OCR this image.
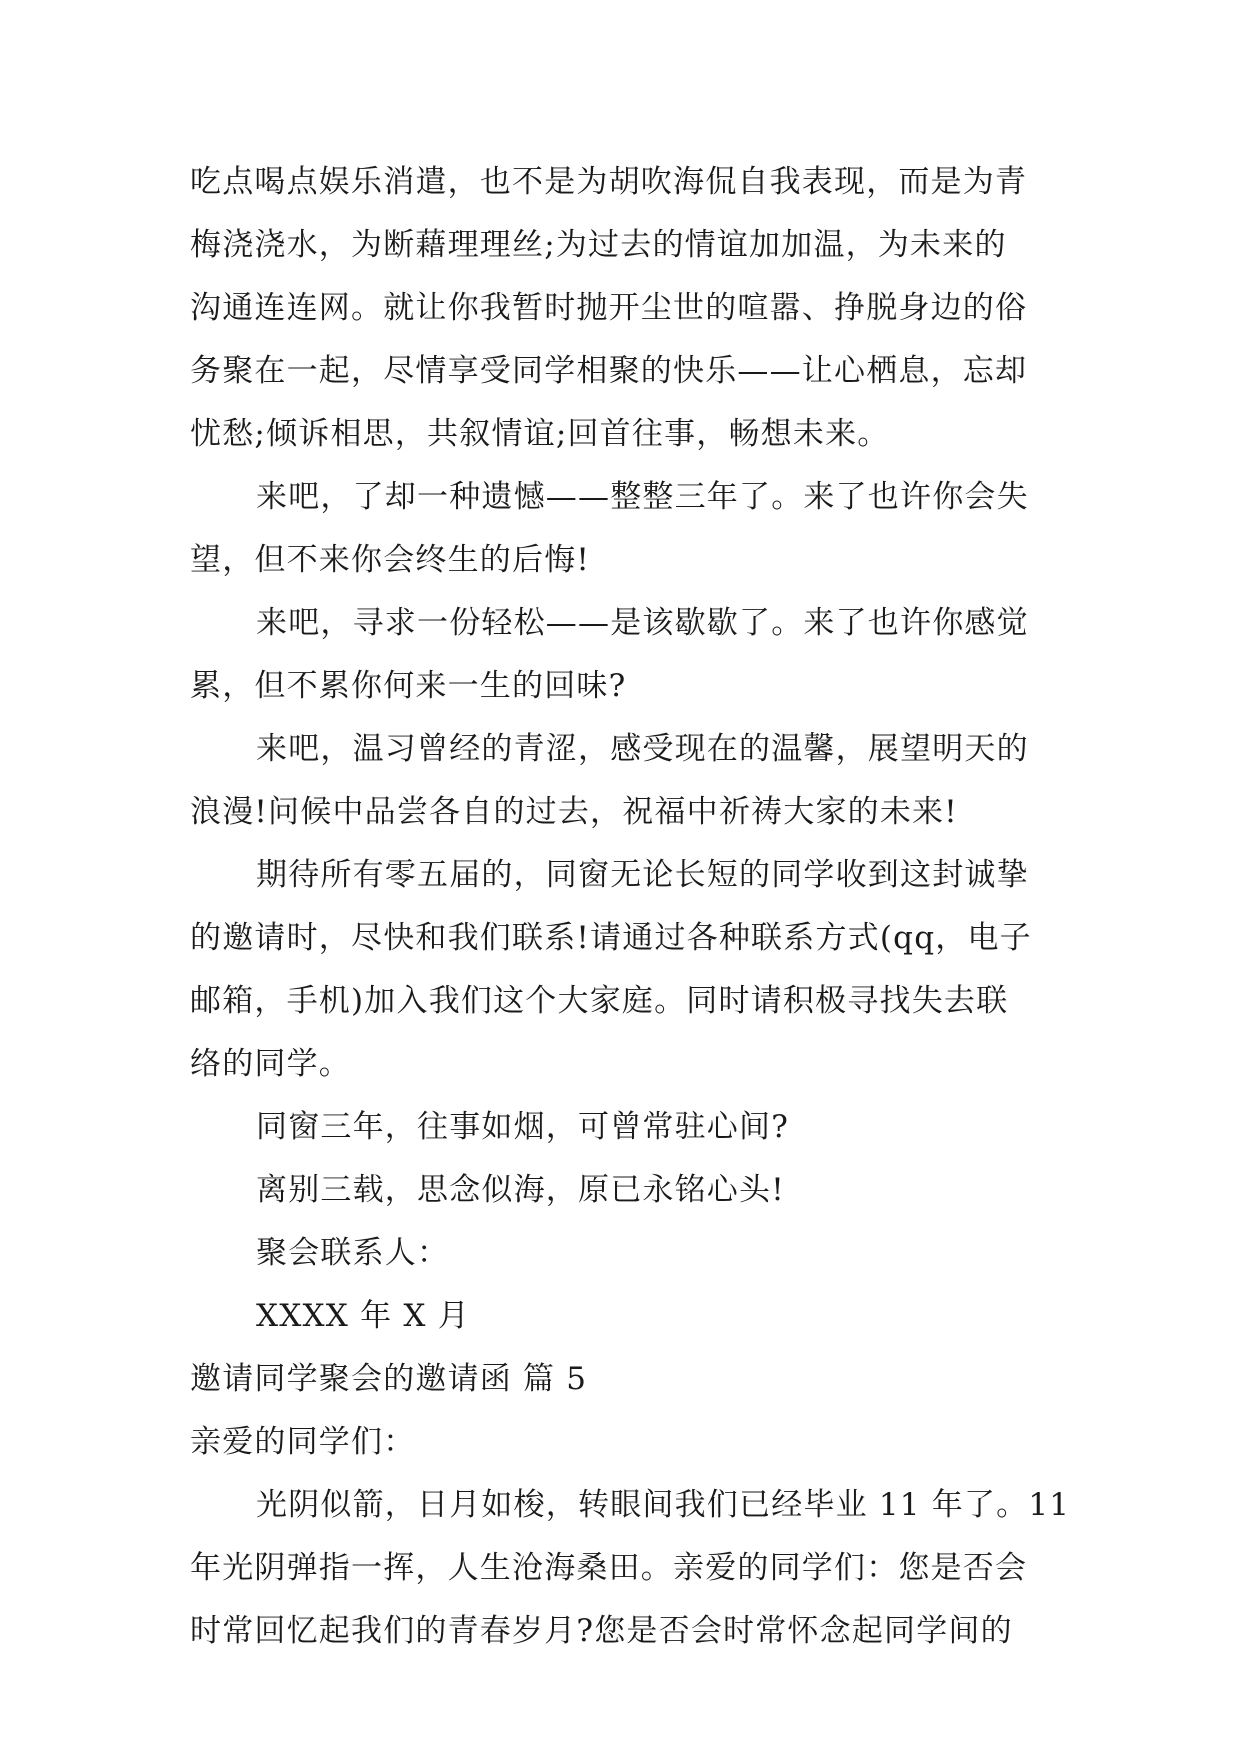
吃点喝点娱乐消遣，也不是为胡吹海侃自我表现，而是为青
梅浇浇水，为断藉理理丝;为过去的情谊加加温，为未来的
沟通连连网。就让你我暂时抛开尘世的喧嚣、挣脱身边的俗
务聚在一起，尽情享受同学相聚的快乐——让心栖息，忘却
忧愁;倾诉相思，共叙情谊;回首往事，畅想未来。
来吧，了却一种遗憾——整整三年了。来了也许你会失
望，但不来你会终生的后悔!
来吧，寻求一份轻松——是该歇歇了。来了也许你感觉
累，但不累你何来一生的回味?
来吧，温习曾经的青涩，感受现在的温馨，展望明天的
浪漫!问候中品尝各自的过去，祝福中祈祷大家的未来!
期待所有零五届的，同窗无论长短的同学收到这封诚挚
的邀请时，尽快和我们联系!请通过各种联系方式(qq，电子
邮箱，手机)加入我们这个大家庭。同时请积极寻找失去联
络的同学。
同窗三年，往事如烟，可曾常驻心间?
离别三载，思念似海，原已永铭心头!
聚会联系人：
XXXX 年 X 月
邀请同学聚会的邀请函 篇 5
亲爱的同学们：
光阴似箭，日月如梭，转眼间我们已经毕业 11 年了。11
年光阴弹指一挥，人生沧海桑田。亲爱的同学们：您是否会
时常回忆起我们的青春岁月?您是否会时常怀念起同学间的
